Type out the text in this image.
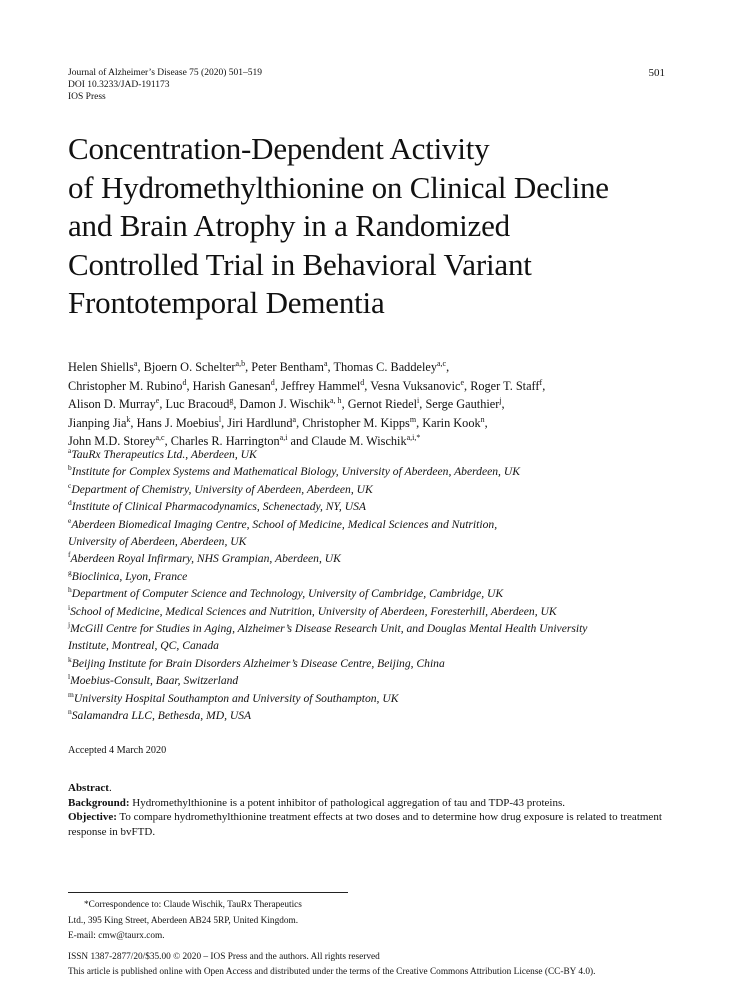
Journal of Alzheimer’s Disease 75 (2020) 501–519
DOI 10.3233/JAD-191173
IOS Press
501
Concentration-Dependent Activity
of Hydromethylthionine on Clinical Decline
and Brain Atrophy in a Randomized
Controlled Trial in Behavioral Variant
Frontotemporal Dementia
Helen Shiells$^a$, Bjoern O. Schelter$^{a,b}$, Peter Bentham$^a$, Thomas C. Baddeley$^{a,c}$,
Christopher M. Rubino$^d$, Harish Ganesan$^d$, Jeffrey Hammel$^d$, Vesna Vuksanovic$^e$, Roger T. Staff$^f$,
Alison D. Murray$^e$, Luc Bracoud$^g$, Damon J. Wischik$^{a, h}$, Gernot Riedel$^i$, Serge Gauthier$^j$,
Jianping Jia$^k$, Hans J. Moebius$^l$, Jiri Hardlund$^a$, Christopher M. Kipps$^m$, Karin Kook$^n$,
John M.D. Storey$^{a,c}$, Charles R. Harrington$^{a,i}$ and Claude M. Wischik$^{a,i,*}$
$^a$TauRx Therapeutics Ltd., Aberdeen, UK
$^b$Institute for Complex Systems and Mathematical Biology, University of Aberdeen, Aberdeen, UK
$^c$Department of Chemistry, University of Aberdeen, Aberdeen, UK
$^d$Institute of Clinical Pharmacodynamics, Schenectady, NY, USA
$^e$Aberdeen Biomedical Imaging Centre, School of Medicine, Medical Sciences and Nutrition,
University of Aberdeen, Aberdeen, UK
$^f$Aberdeen Royal Infirmary, NHS Grampian, Aberdeen, UK
$^g$Bioclinica, Lyon, France
$^h$Department of Computer Science and Technology, University of Cambridge, Cambridge, UK
$^i$School of Medicine, Medical Sciences and Nutrition, University of Aberdeen, Foresterhill, Aberdeen, UK
$^j$McGill Centre for Studies in Aging, Alzheimer’s Disease Research Unit, and Douglas Mental Health University
Institute, Montreal, QC, Canada
$^k$Beijing Institute for Brain Disorders Alzheimer’s Disease Centre, Beijing, China
$^l$Moebius-Consult, Baar, Switzerland
$^m$University Hospital Southampton and University of Southampton, UK
$^n$Salamandra LLC, Bethesda, MD, USA
Accepted 4 March 2020
Abstract.
Background: Hydromethylthionine is a potent inhibitor of pathological aggregation of tau and TDP-43 proteins.
Objective: To compare hydromethylthionine treatment effects at two doses and to determine how drug exposure is related to treatment response in bvFTD.
*Correspondence to: Claude Wischik, TauRx Therapeutics
Ltd., 395 King Street, Aberdeen AB24 5RP, United Kingdom.
E-mail: cmw@taurx.com.
ISSN 1387-2877/20/$35.00 © 2020 – IOS Press and the authors. All rights reserved
This article is published online with Open Access and distributed under the terms of the Creative Commons Attribution License (CC-BY 4.0).
